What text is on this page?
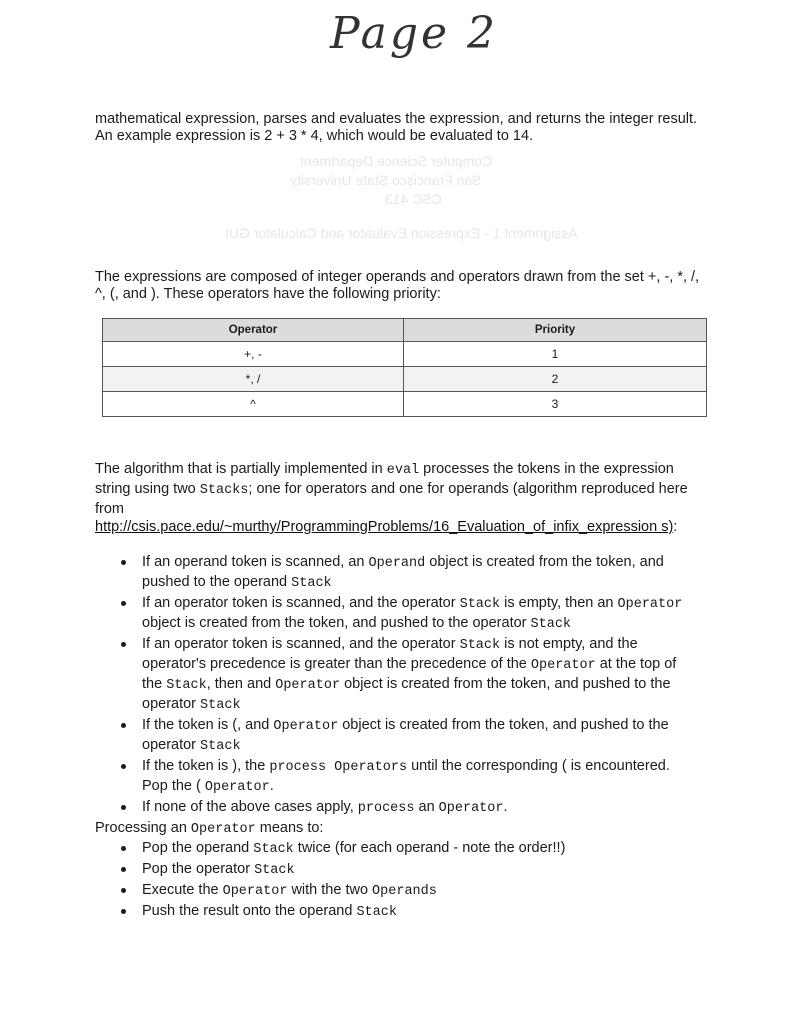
Computer Science Department
San Francisco State University
CSC 413
Assignment 1 - Expression Evaluator and Calculator GUI
Page 2
mathematical expression, parses and evaluates the expression, and returns the integer result. An example expression is 2 + 3 * 4, which would be evaluated to 14.
The expressions are composed of integer operands and operators drawn from the set +, -, *, /, ^, (, and ). These operators have the following priority:
Operator	Priority
+, -	1
*, /	2
^	3
The algorithm that is partially implemented in eval processes the tokens in the expression string using two Stacks; one for operators and one for operands (algorithm reproduced here from
http://csis.pace.edu/~murthy/ProgrammingProblems/16_Evaluation_of_infix_expression s):
If an operand token is scanned, an Operand object is created from the token, and pushed to the operand Stack
If an operator token is scanned, and the operator Stack is empty, then an Operator object is created from the token, and pushed to the operator Stack
If an operator token is scanned, and the operator Stack is not empty, and the operator's precedence is greater than the precedence of the Operator at the top of the Stack, then and Operator object is created from the token, and pushed to the operator Stack
If the token is (, and Operator object is created from the token, and pushed to the operator Stack
If the token is ), the process Operators until the corresponding ( is encountered. Pop the ( Operator.
If none of the above cases apply, process an Operator.
Processing an Operator means to:
Pop the operand Stack twice (for each operand - note the order!!)
Pop the operator Stack
Execute the Operator with the two Operands
Push the result onto the operand Stack
